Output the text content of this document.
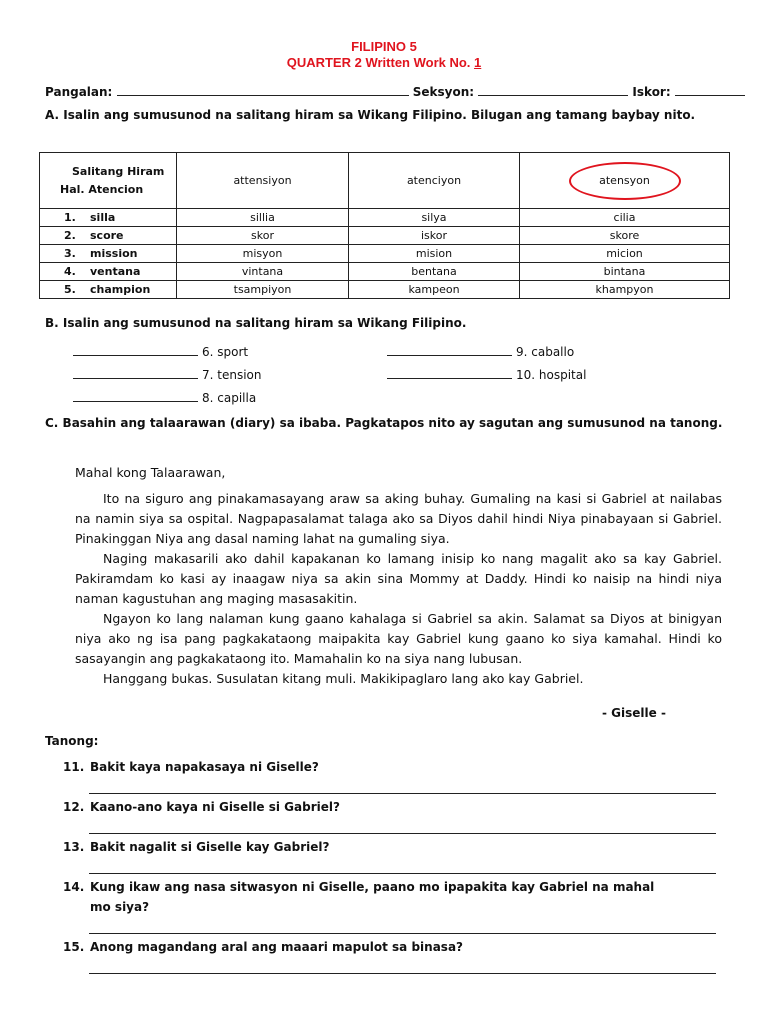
FILIPINO 5
QUARTER 2 Written Work No. 1
Pangalan:	Seksyon:	Iskor:
A. Isalin ang sumusunod na salitang hiram sa Wikang Filipino. Bilugan ang tamang baybay nito.
Salitang Hiram
Hal. Atencion	attensiyon	atenciyon	atensyon
1. silla	sillia	silya	cilia
2. score	skor	iskor	skore
3. mission	misyon	mision	micion
4. ventana	vintana	bentana	bintana
5. champion	tsampiyon	kampeon	khampyon
B. Isalin ang sumusunod na salitang hiram sa Wikang Filipino.
6. sport
7. tension
8. capilla
9. caballo
10. hospital
C. Basahin ang talaarawan (diary) sa ibaba. Pagkatapos nito ay sagutan ang sumusunod na tanong.
Mahal kong Talaarawan,
Ito na siguro ang pinakamasayang araw sa aking buhay. Gumaling na kasi si Gabriel at nailabas na namin siya sa ospital. Nagpapasalamat talaga ako sa Diyos dahil hindi Niya pinabayaan si Gabriel. Pinakinggan Niya ang dasal naming lahat na gumaling siya.
Naging makasarili ako dahil kapakanan ko lamang inisip ko nang magalit ako sa kay Gabriel. Pakiramdam ko kasi ay inaagaw niya sa akin sina Mommy at Daddy. Hindi ko naisip na hindi niya naman kagustuhan ang maging masasakitin.
Ngayon ko lang nalaman kung gaano kahalaga si Gabriel sa akin. Salamat sa Diyos at binigyan niya ako ng isa pang pagkakataong maipakita kay Gabriel kung gaano ko siya kamahal. Hindi ko sasayangin ang pagkakataong ito. Mamahalin ko na siya nang lubusan.
Hanggang bukas. Susulatan kitang muli. Makikipaglaro lang ako kay Gabriel.
- Giselle -
Tanong:
11. Bakit kaya napakasaya ni Giselle?
12. Kaano-ano kaya ni Giselle si Gabriel?
13. Bakit nagalit si Giselle kay Gabriel?
14. Kung ikaw ang nasa sitwasyon ni Giselle, paano mo ipapakita kay Gabriel na mahal
mo siya?
15. Anong magandang aral ang maaari mapulot sa binasa?
